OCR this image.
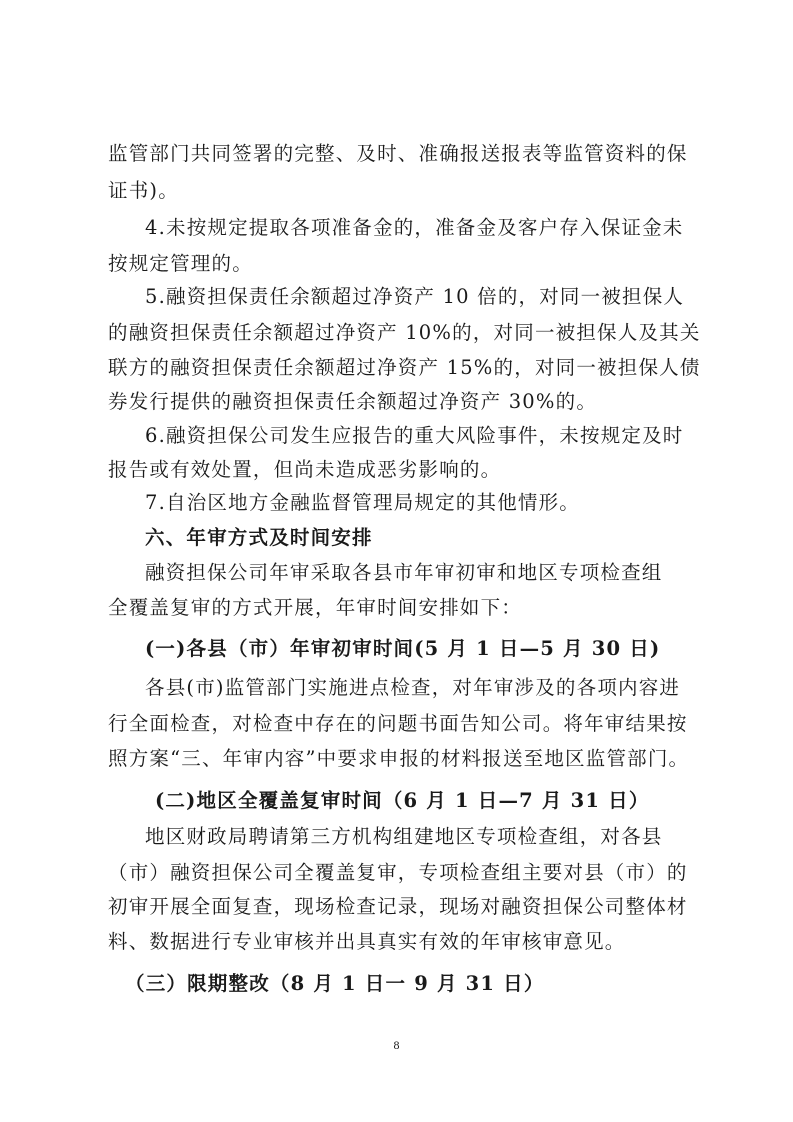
监管部门共同签署的完整、及时、准确报送报表等监管资料的保
证书)。
4.未按规定提取各项准备金的，准备金及客户存入保证金未
按规定管理的。
5.融资担保责任余额超过净资产 10 倍的，对同一被担保人
的融资担保责任余额超过净资产 10%的，对同一被担保人及其关
联方的融资担保责任余额超过净资产 15%的，对同一被担保人债
券发行提供的融资担保责任余额超过净资产 30%的。
6.融资担保公司发生应报告的重大风险事件，未按规定及时
报告或有效处置，但尚未造成恶劣影响的。
7.自治区地方金融监督管理局规定的其他情形。
六、年审方式及时间安排
融资担保公司年审采取各县市年审初审和地区专项检查组
全覆盖复审的方式开展，年审时间安排如下：
(一)各县（市）年审初审时间(5 月 1 日—5 月 30 日)
各县(市)监管部门实施进点检查，对年审涉及的各项内容进
行全面检查，对检查中存在的问题书面告知公司。将年审结果按
照方案“三、年审内容”中要求申报的材料报送至地区监管部门。
(二)地区全覆盖复审时间（6 月 1 日—7 月 31 日）
地区财政局聘请第三方机构组建地区专项检查组，对各县
（市）融资担保公司全覆盖复审，专项检查组主要对县（市）的
初审开展全面复查，现场检查记录，现场对融资担保公司整体材
料、数据进行专业审核并出具真实有效的年审核审意见。
（三）限期整改（8 月 1 日一 9 月 31 日）
8
